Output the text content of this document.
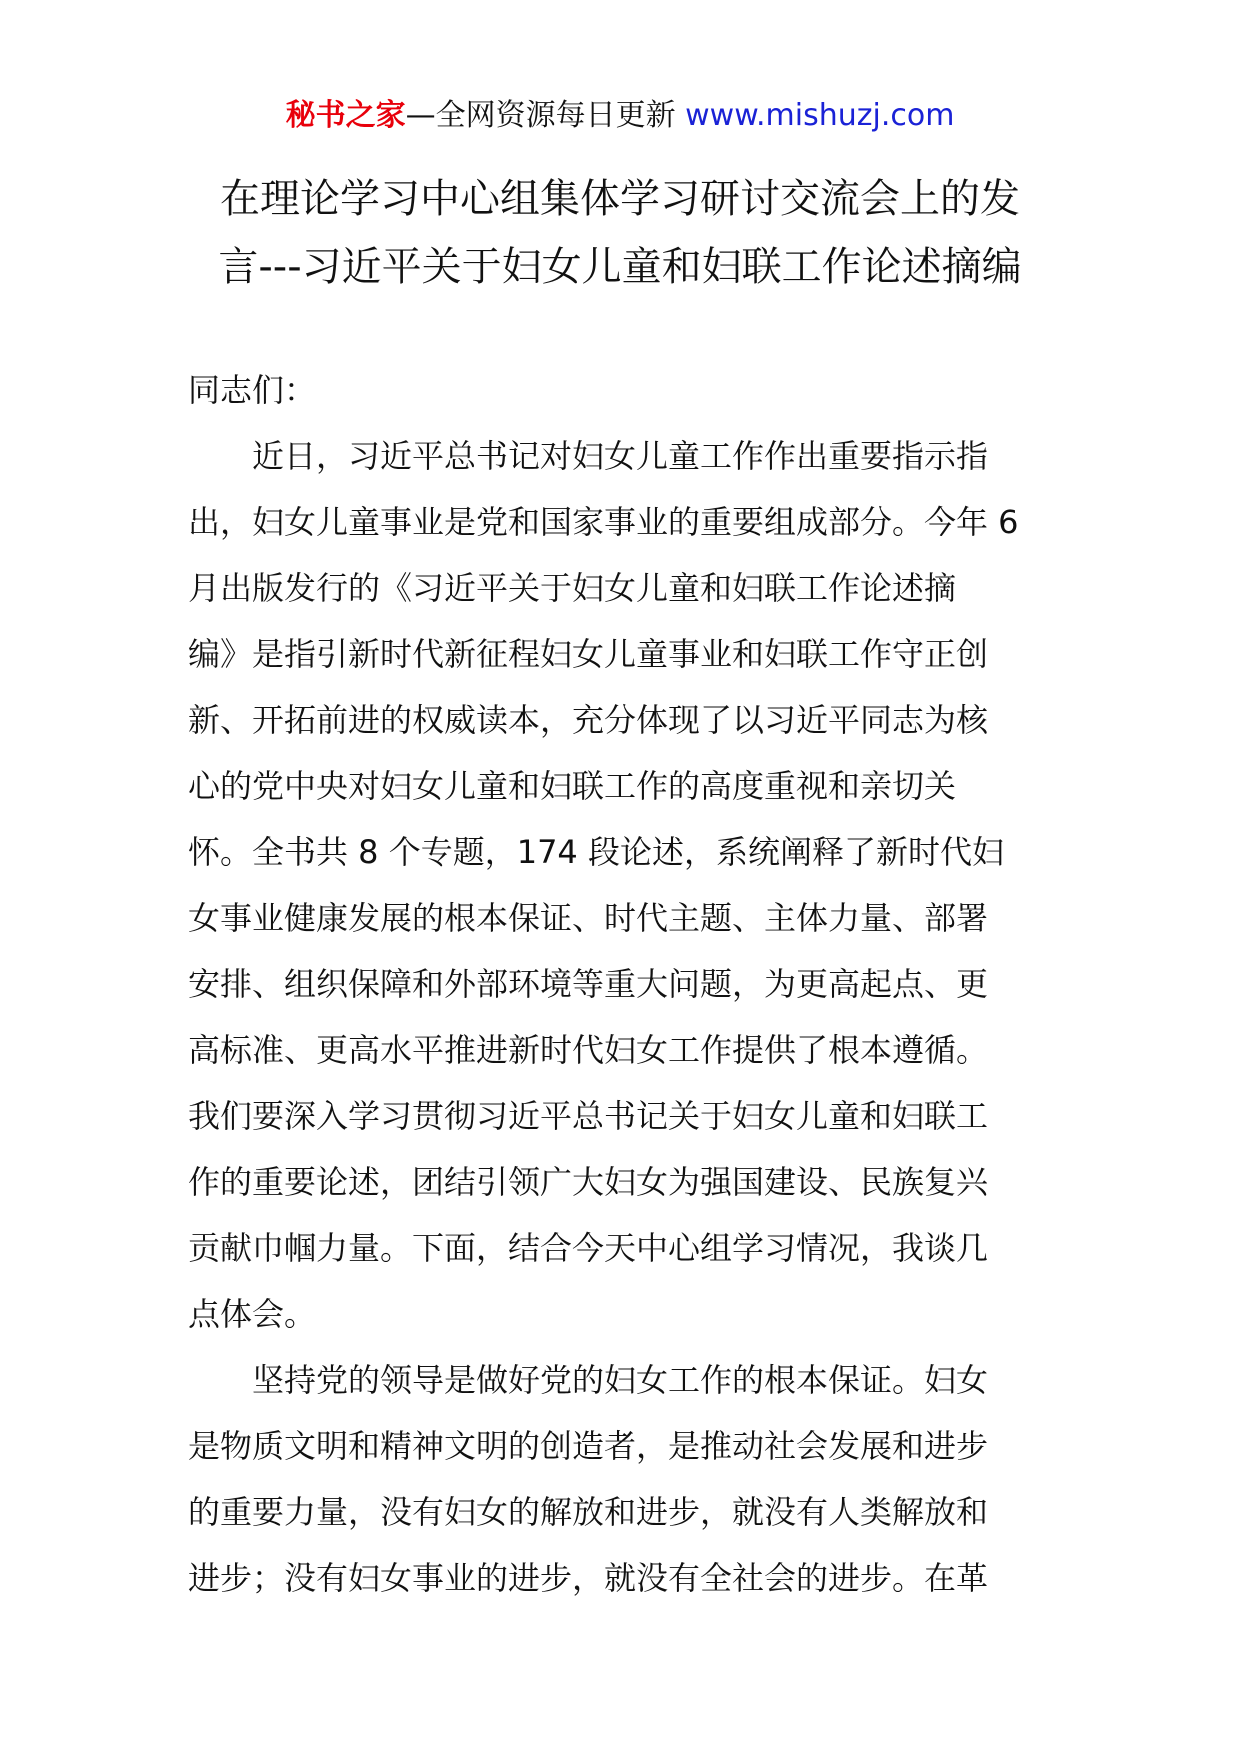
秘书之家—全网资源每日更新 www.mishuzj.com
在理论学习中心组集体学习研讨交流会上的发
言---习近平关于妇女儿童和妇联工作论述摘编
同志们：
近日，习近平总书记对妇女儿童工作作出重要指示指
出，妇女儿童事业是党和国家事业的重要组成部分。今年 6
月出版发行的《习近平关于妇女儿童和妇联工作论述摘
编》是指引新时代新征程妇女儿童事业和妇联工作守正创
新、开拓前进的权威读本，充分体现了以习近平同志为核
心的党中央对妇女儿童和妇联工作的高度重视和亲切关
怀。全书共 8 个专题，174 段论述，系统阐释了新时代妇
女事业健康发展的根本保证、时代主题、主体力量、部署
安排、组织保障和外部环境等重大问题，为更高起点、更
高标准、更高水平推进新时代妇女工作提供了根本遵循。
我们要深入学习贯彻习近平总书记关于妇女儿童和妇联工
作的重要论述，团结引领广大妇女为强国建设、民族复兴
贡献巾帼力量。下面，结合今天中心组学习情况，我谈几
点体会。
坚持党的领导是做好党的妇女工作的根本保证。妇女
是物质文明和精神文明的创造者，是推动社会发展和进步
的重要力量，没有妇女的解放和进步，就没有人类解放和
进步；没有妇女事业的进步，就没有全社会的进步。在革
